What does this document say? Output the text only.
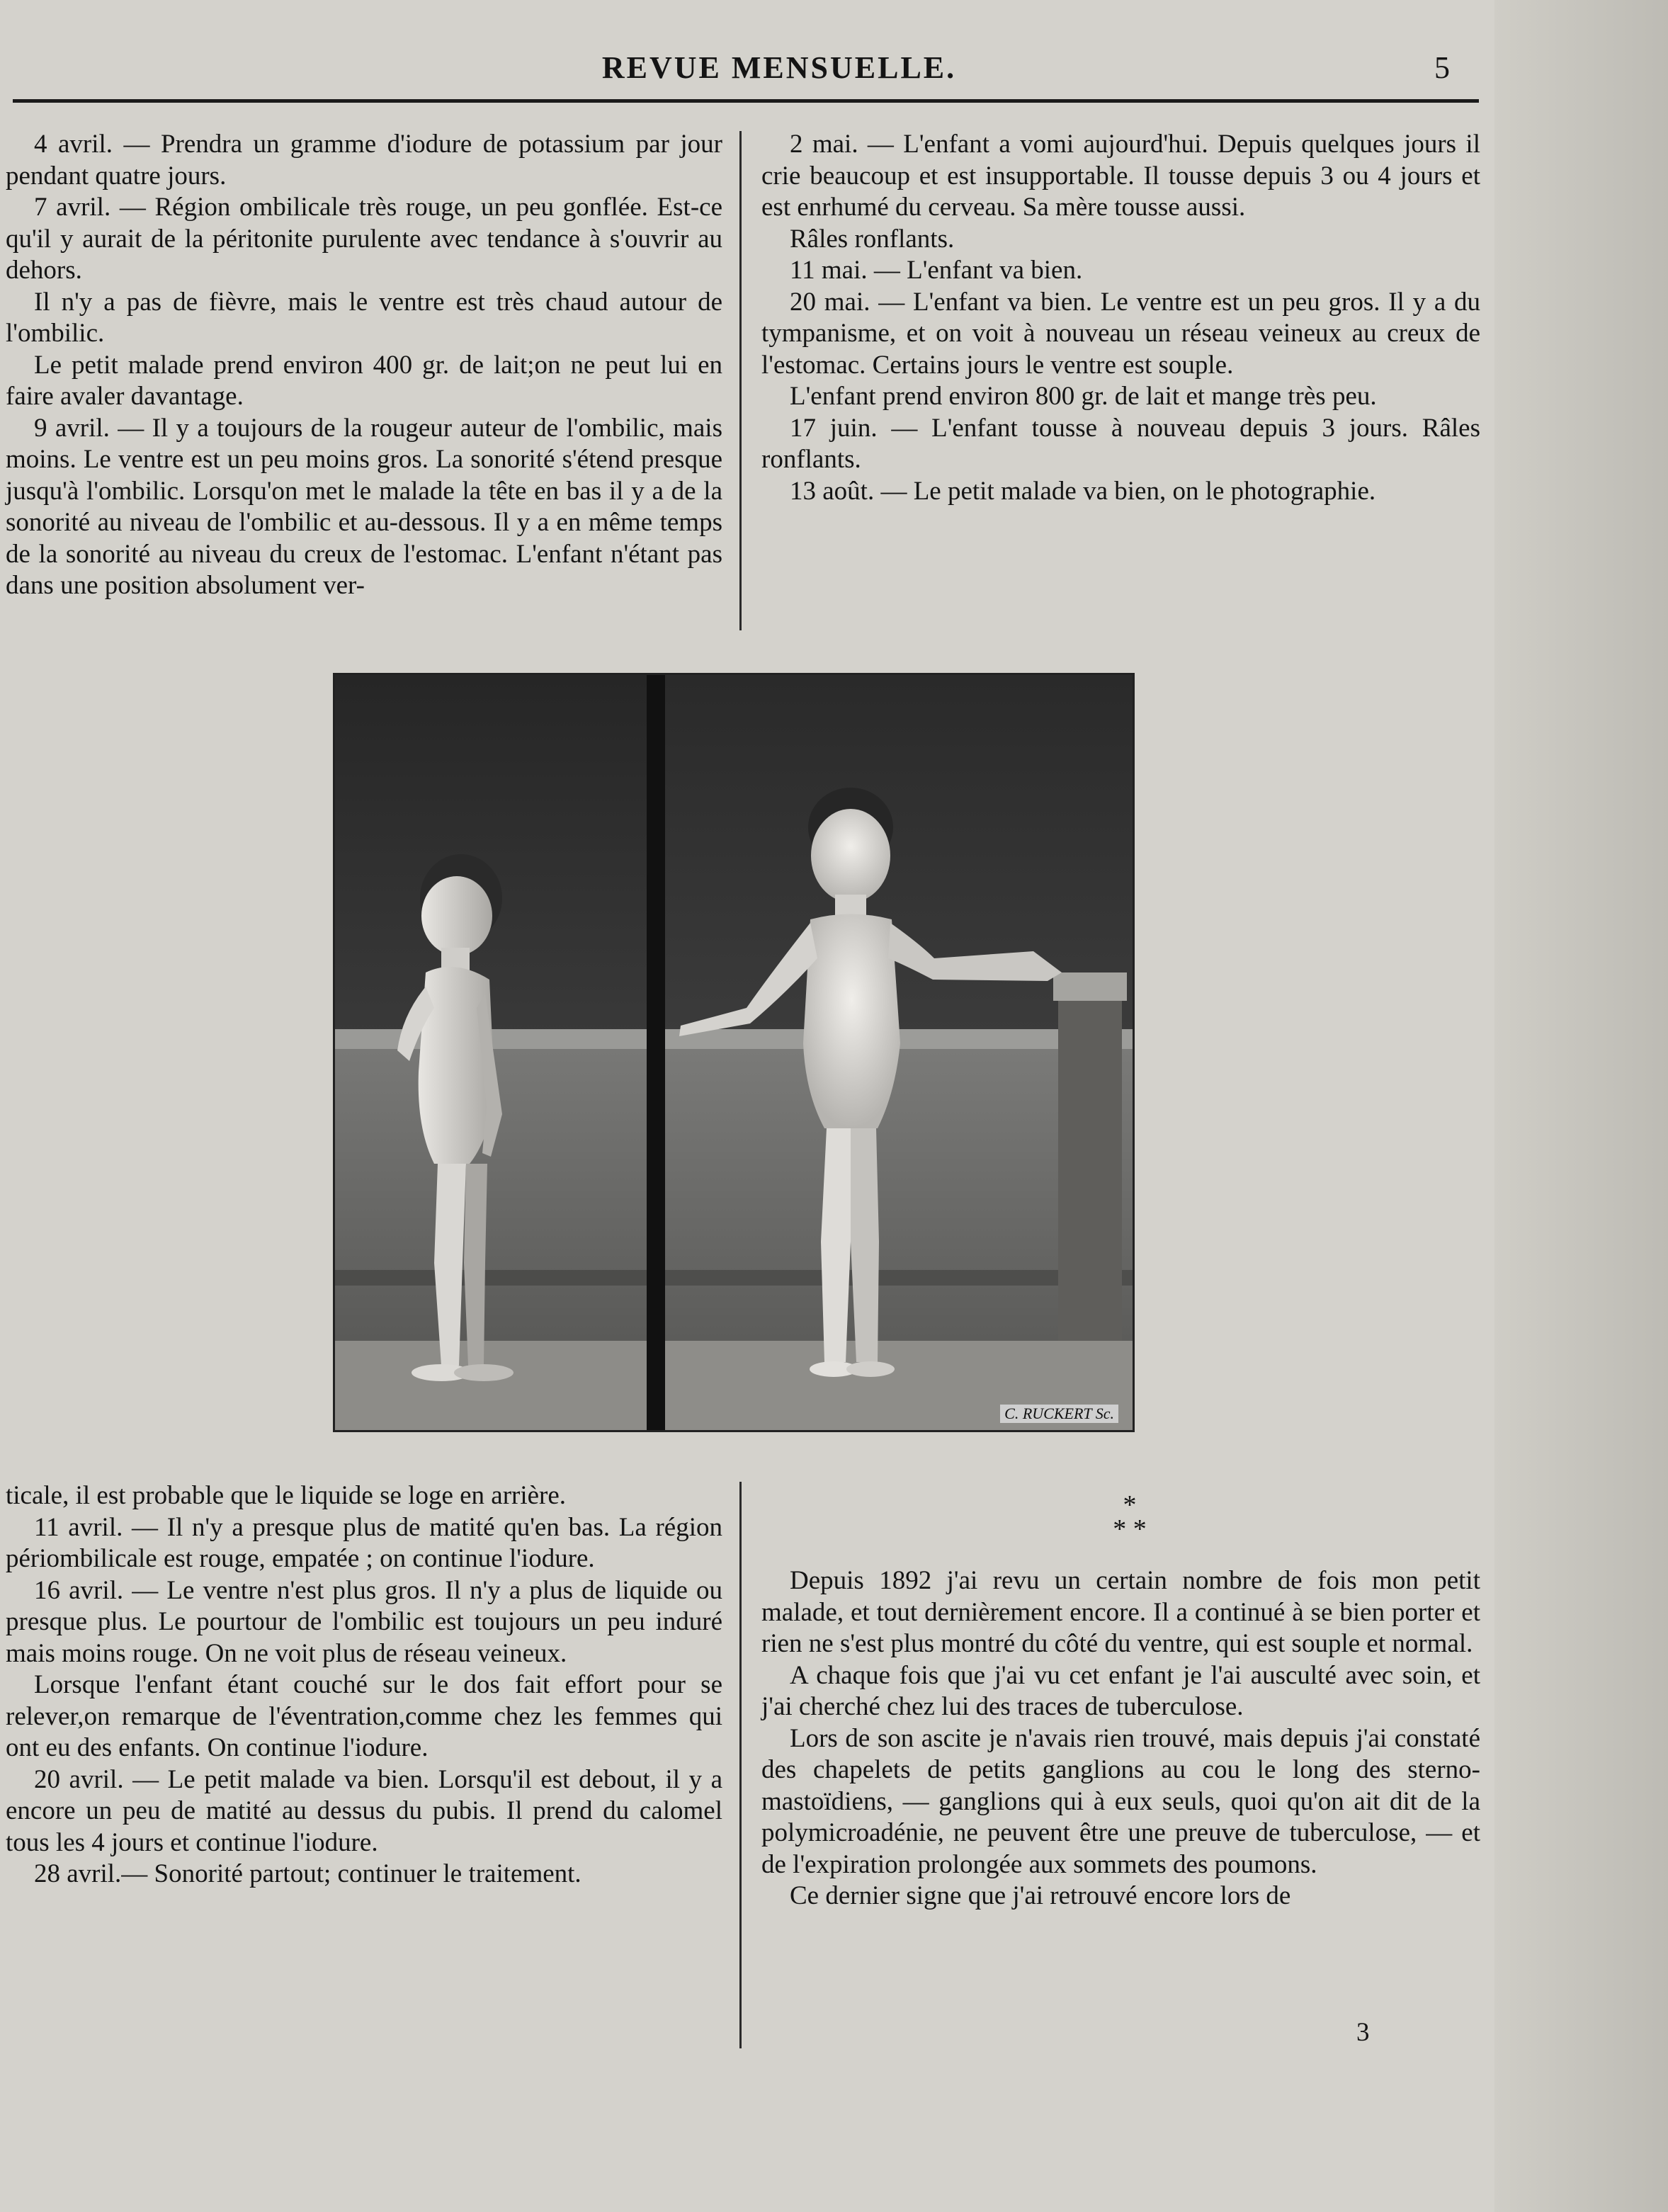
REVUE MENSUELLE.	5

4 avril. — Prendra un gramme d'iodure de potassium par jour pendant quatre jours.

7 avril. — Région ombilicale très rouge, un peu gonflée. Est-ce qu'il y aurait de la péritonite purulente avec tendance à s'ouvrir au dehors.

Il n'y a pas de fièvre, mais le ventre est très chaud autour de l'ombilic.

Le petit malade prend environ 400 gr. de lait;on ne peut lui en faire avaler davantage.

9 avril. — Il y a toujours de la rougeur auteur de l'ombilic, mais moins. Le ventre est un peu moins gros. La sonorité s'étend presque jusqu'à l'ombilic. Lorsqu'on met le malade la tête en bas il y a de la sonorité au niveau de l'ombilic et au-dessous. Il y a en même temps de la sonorité au niveau du creux de l'estomac. L'enfant n'étant pas dans une position absolument ver-

2 mai. — L'enfant a vomi aujourd'hui. Depuis quelques jours il crie beaucoup et est insupportable. Il tousse depuis 3 ou 4 jours et est enrhumé du cerveau. Sa mère tousse aussi.

Râles ronflants.

11 mai. — L'enfant va bien.

20 mai. — L'enfant va bien. Le ventre est un peu gros. Il y a du tympanisme, et on voit à nouveau un réseau veineux au creux de l'estomac. Certains jours le ventre est souple.

L'enfant prend environ 800 gr. de lait et mange très peu.

17 juin. — L'enfant tousse à nouveau depuis 3 jours. Râles ronflants.

13 août. — Le petit malade va bien, on le photographie.

C. RUCKERT Sc.

ticale, il est probable que le liquide se loge en arrière.

11 avril. — Il n'y a presque plus de matité qu'en bas. La région périombilicale est rouge, empatée ; on continue l'iodure.

16 avril. — Le ventre n'est plus gros. Il n'y a plus de liquide ou presque plus. Le pourtour de l'ombilic est toujours un peu induré mais moins rouge. On ne voit plus de réseau veineux.

Lorsque l'enfant étant couché sur le dos fait effort pour se relever,on remarque de l'éventration,comme chez les femmes qui ont eu des enfants. On continue l'iodure.

20 avril. — Le petit malade va bien. Lorsqu'il est debout, il y a encore un peu de matité au dessus du pubis. Il prend du calomel tous les 4 jours et continue l'iodure.

28 avril.— Sonorité partout; continuer le traitement.

*
* *

Depuis 1892 j'ai revu un certain nombre de fois mon petit malade, et tout dernièrement encore. Il a continué à se bien porter et rien ne s'est plus montré du côté du ventre, qui est souple et normal.

A chaque fois que j'ai vu cet enfant je l'ai ausculté avec soin, et j'ai cherché chez lui des traces de tuberculose.

Lors de son ascite je n'avais rien trouvé, mais depuis j'ai constaté des chapelets de petits ganglions au cou le long des sterno-mastoïdiens, — ganglions qui à eux seuls, quoi qu'on ait dit de la polymicroadénie, ne peuvent être une preuve de tuberculose, — et de l'expiration prolongée aux sommets des poumons.

Ce dernier signe que j'ai retrouvé encore lors de

3
